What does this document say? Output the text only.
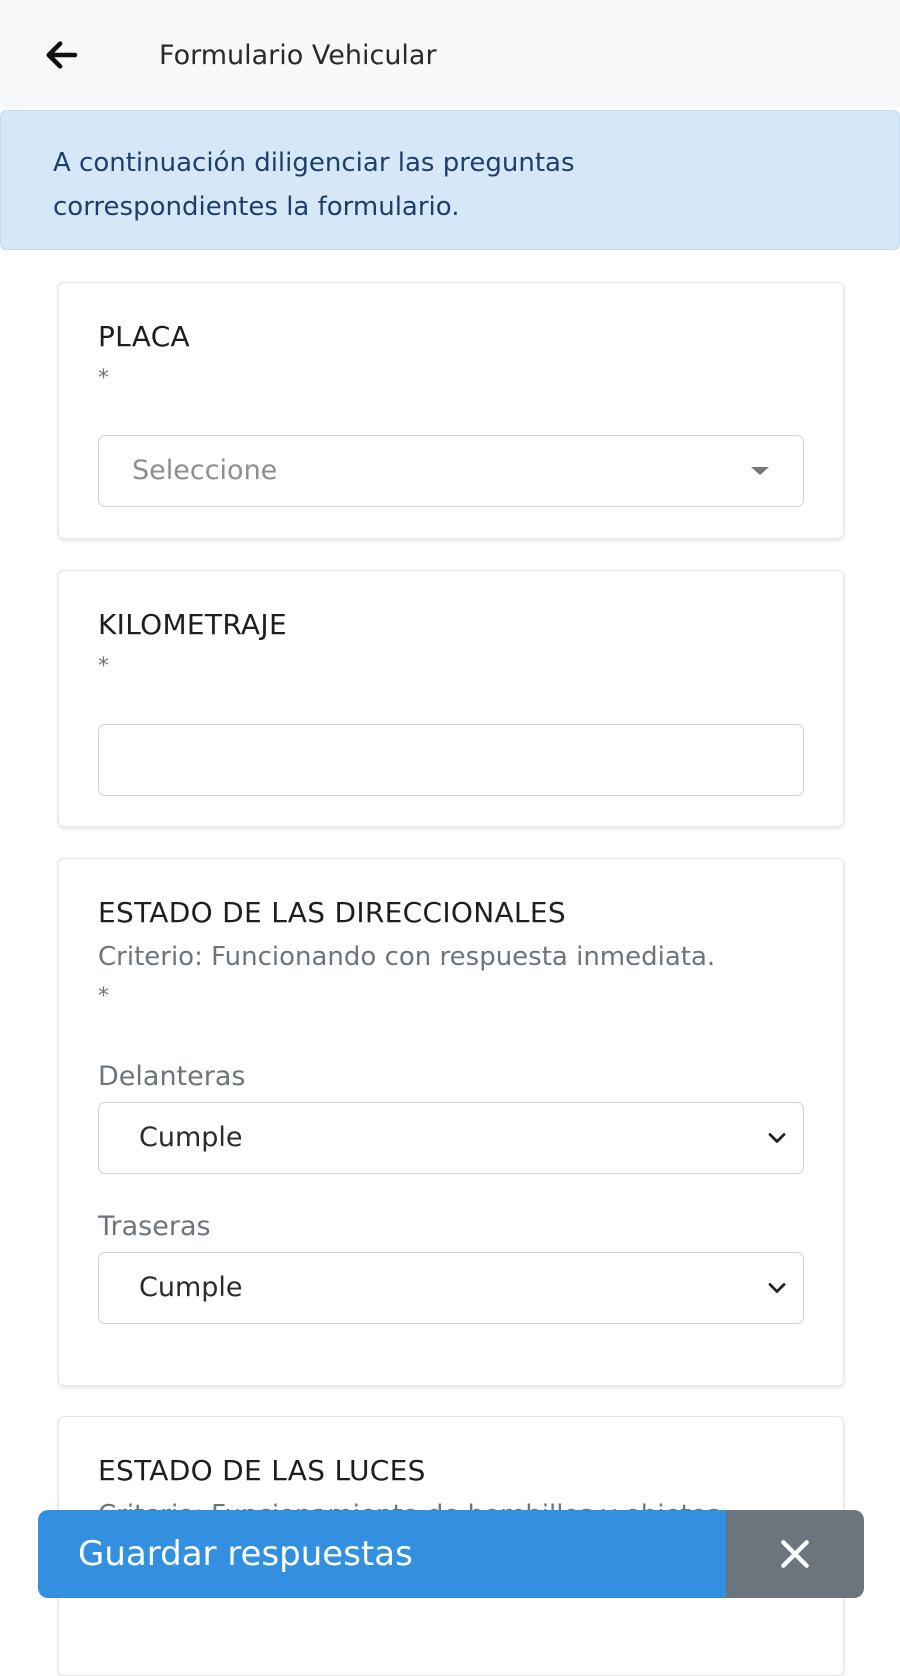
Formulario Vehicular
A continuación diligenciar las preguntas
correspondientes la formulario.
PLACA
*
Seleccione
KILOMETRAJE
*
ESTADO DE LAS DIRECCIONALES
Criterio: Funcionando con respuesta inmediata.
*
Delanteras
Cumple
Traseras
Cumple
ESTADO DE LAS LUCES
Guardar respuestas
